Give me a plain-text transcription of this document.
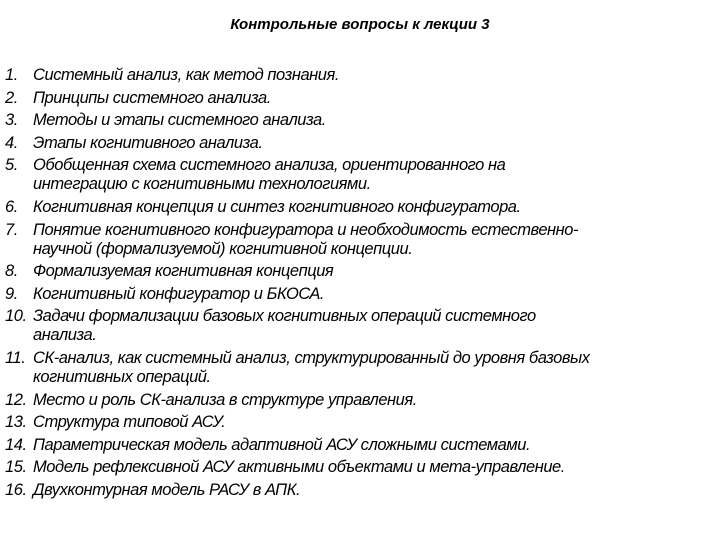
Контрольные вопросы к лекции 3
1. Системный анализ, как метод познания.
2. Принципы системного анализа.
3. Методы и этапы системного анализа.
4. Этапы когнитивного анализа.
5. Обобщенная схема системного анализа, ориентированного на
интеграцию с когнитивными технологиями.
6. Когнитивная концепция и синтез когнитивного конфигуратора.
7. Понятие когнитивного конфигуратора и необходимость естественно-
научной (формализуемой) когнитивной концепции.
8. Формализуемая когнитивная концепция
9. Когнитивный конфигуратор и БКОСА.
10. Задачи формализации базовых когнитивных операций системного
анализа.
11. СК-анализ, как системный анализ, структурированный до уровня базовых
когнитивных операций.
12. Место и роль СК-анализа в структуре управления.
13. Структура типовой АСУ.
14. Параметрическая модель адаптивной АСУ сложными системами.
15. Модель рефлексивной АСУ активными объектами и мета-управление.
16. Двухконтурная модель РАСУ в АПК.
